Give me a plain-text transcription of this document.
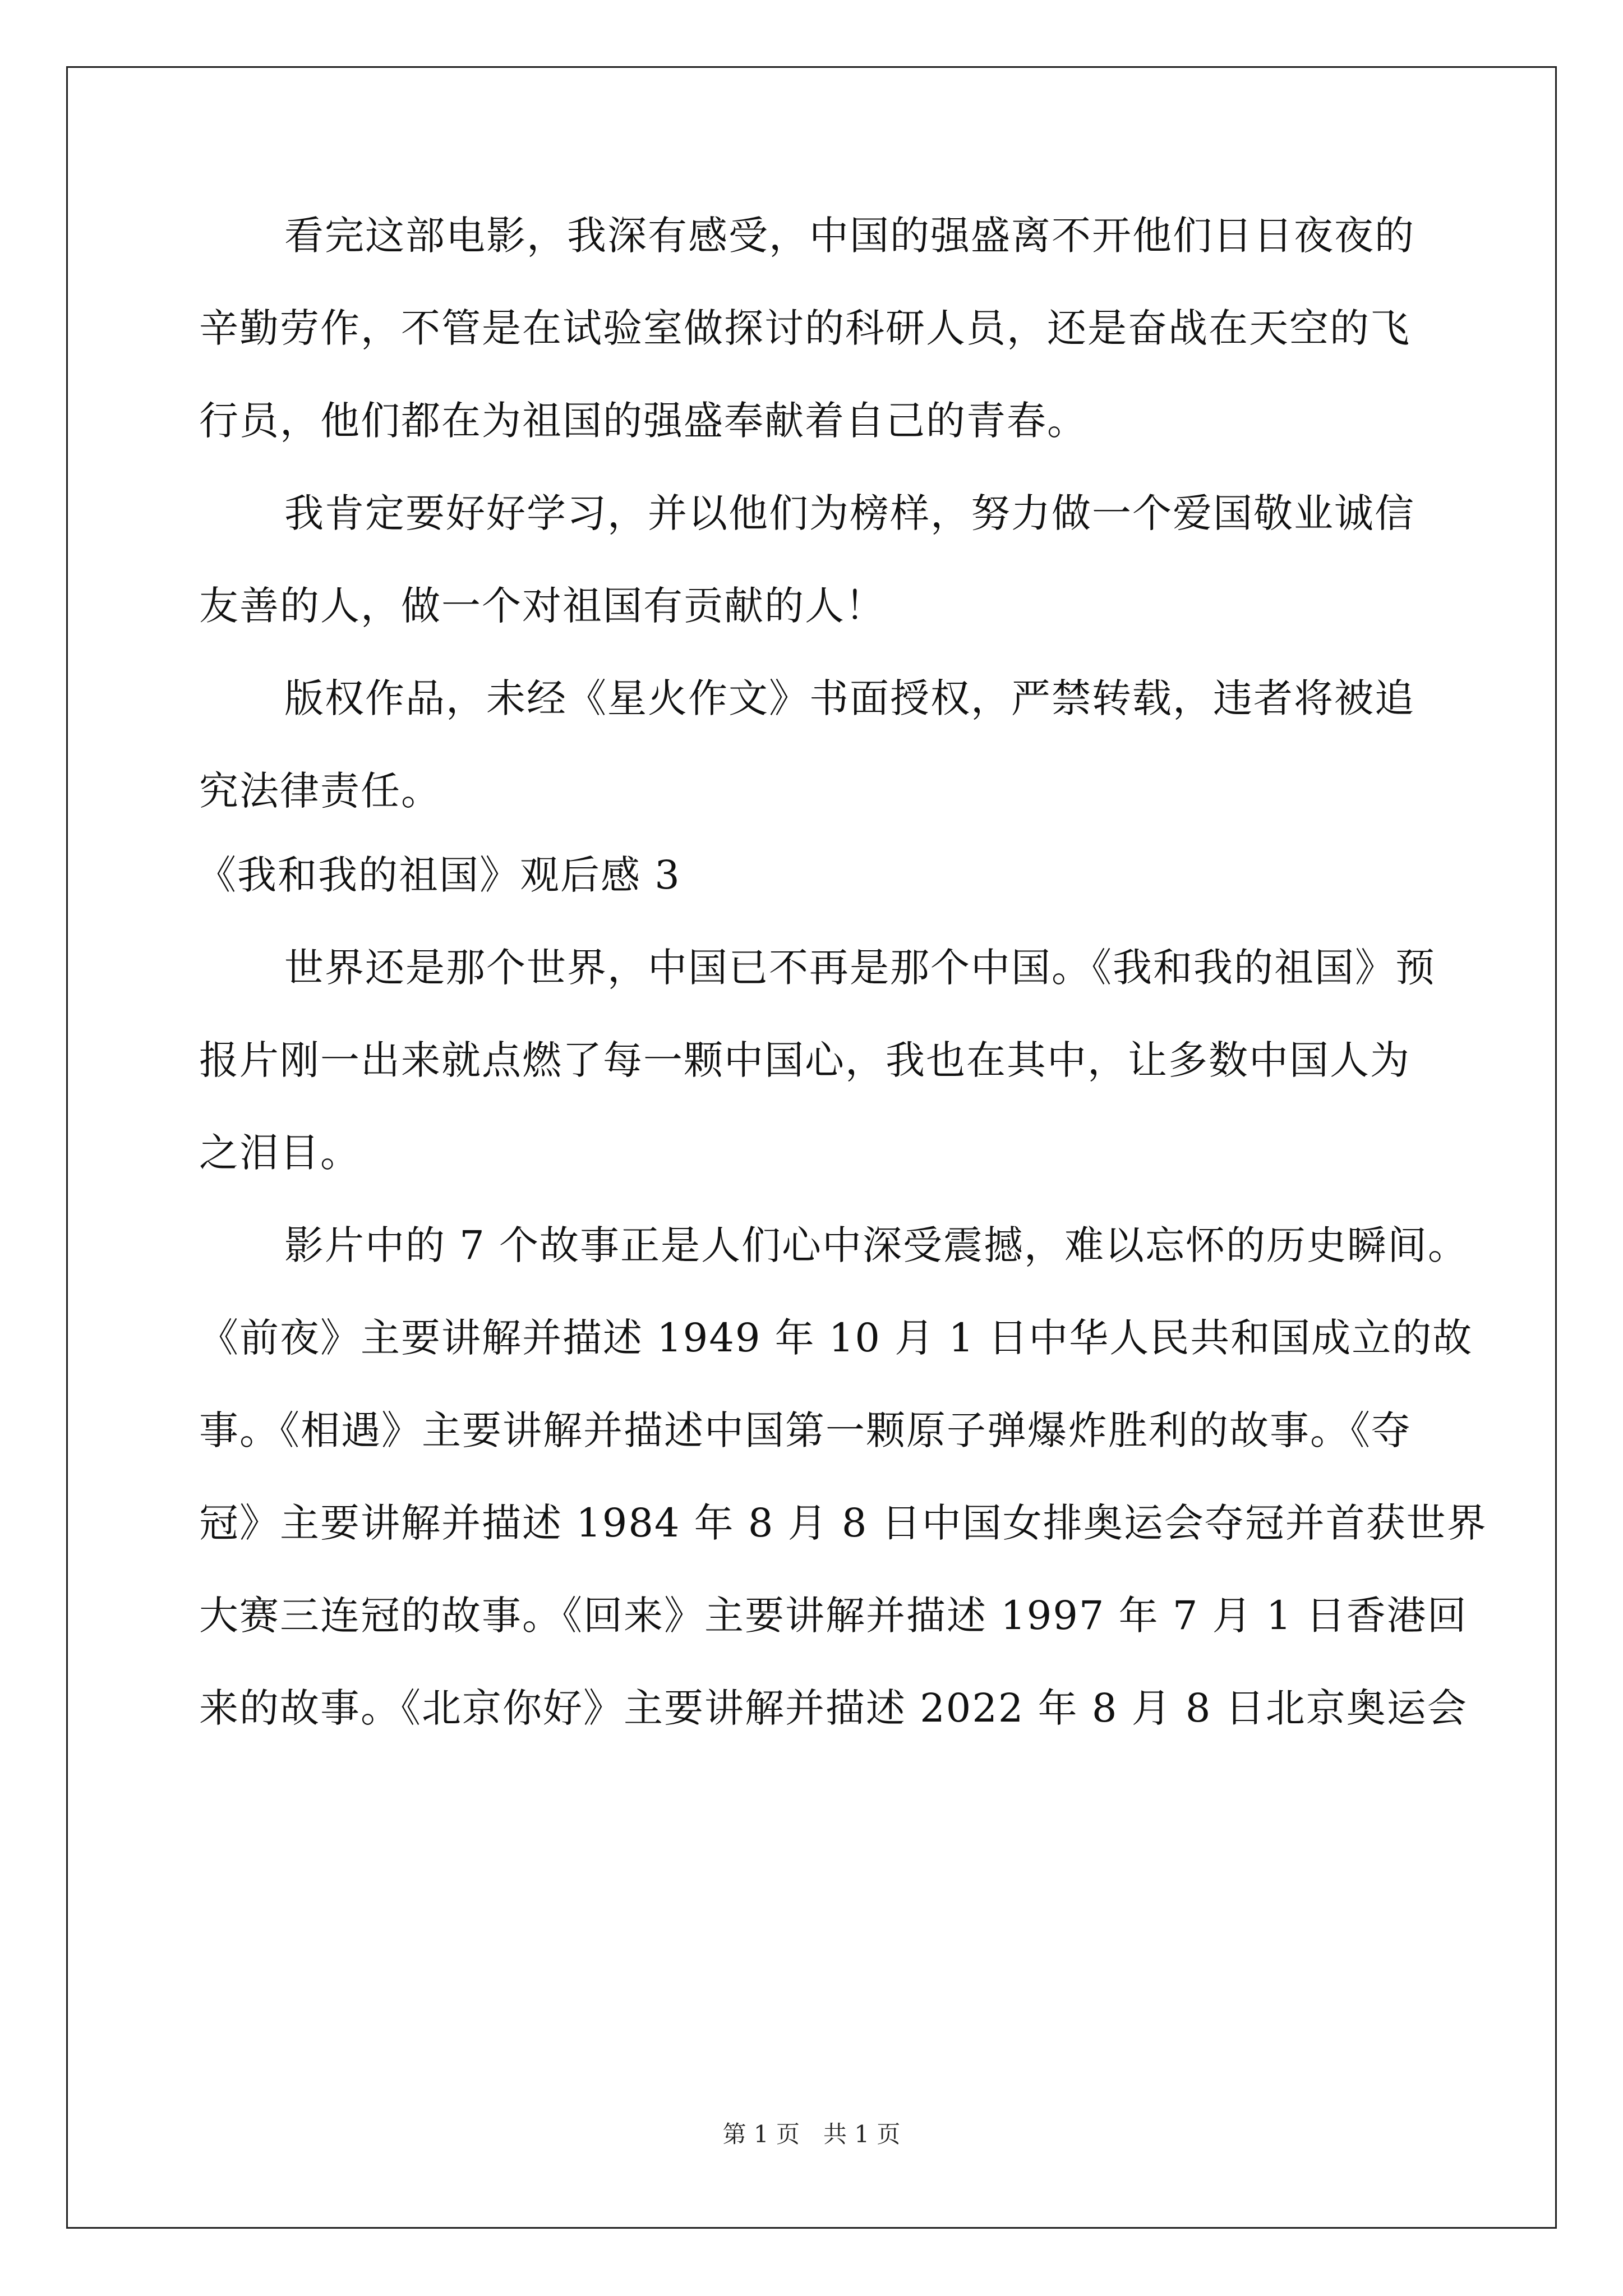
看完这部电影，我深有感受，中国的强盛离不开他们日日夜夜的
辛勤劳作，不管是在试验室做探讨的科研人员，还是奋战在天空的飞
行员，他们都在为祖国的强盛奉献着自己的青春。
我肯定要好好学习，并以他们为榜样，努力做一个爱国敬业诚信
友善的人，做一个对祖国有贡献的人！
版权作品，未经《星火作文》书面授权，严禁转载，违者将被追
究法律责任。
《我和我的祖国》观后感 3
世界还是那个世界，中国已不再是那个中国。《我和我的祖国》预
报片刚一出来就点燃了每一颗中国心，我也在其中，让多数中国人为
之泪目。
影片中的 7 个故事正是人们心中深受震撼，难以忘怀的历史瞬间。
《前夜》主要讲解并描述 1949 年 10 月 1 日中华人民共和国成立的故
事。《相遇》主要讲解并描述中国第一颗原子弹爆炸胜利的故事。《夺
冠》主要讲解并描述 1984 年 8 月 8 日中国女排奥运会夺冠并首获世界
大赛三连冠的故事。《回来》主要讲解并描述 1997 年 7 月 1 日香港回
来的故事。《北京你好》主要讲解并描述 2022 年 8 月 8 日北京奥运会
第 1 页　共 1 页
